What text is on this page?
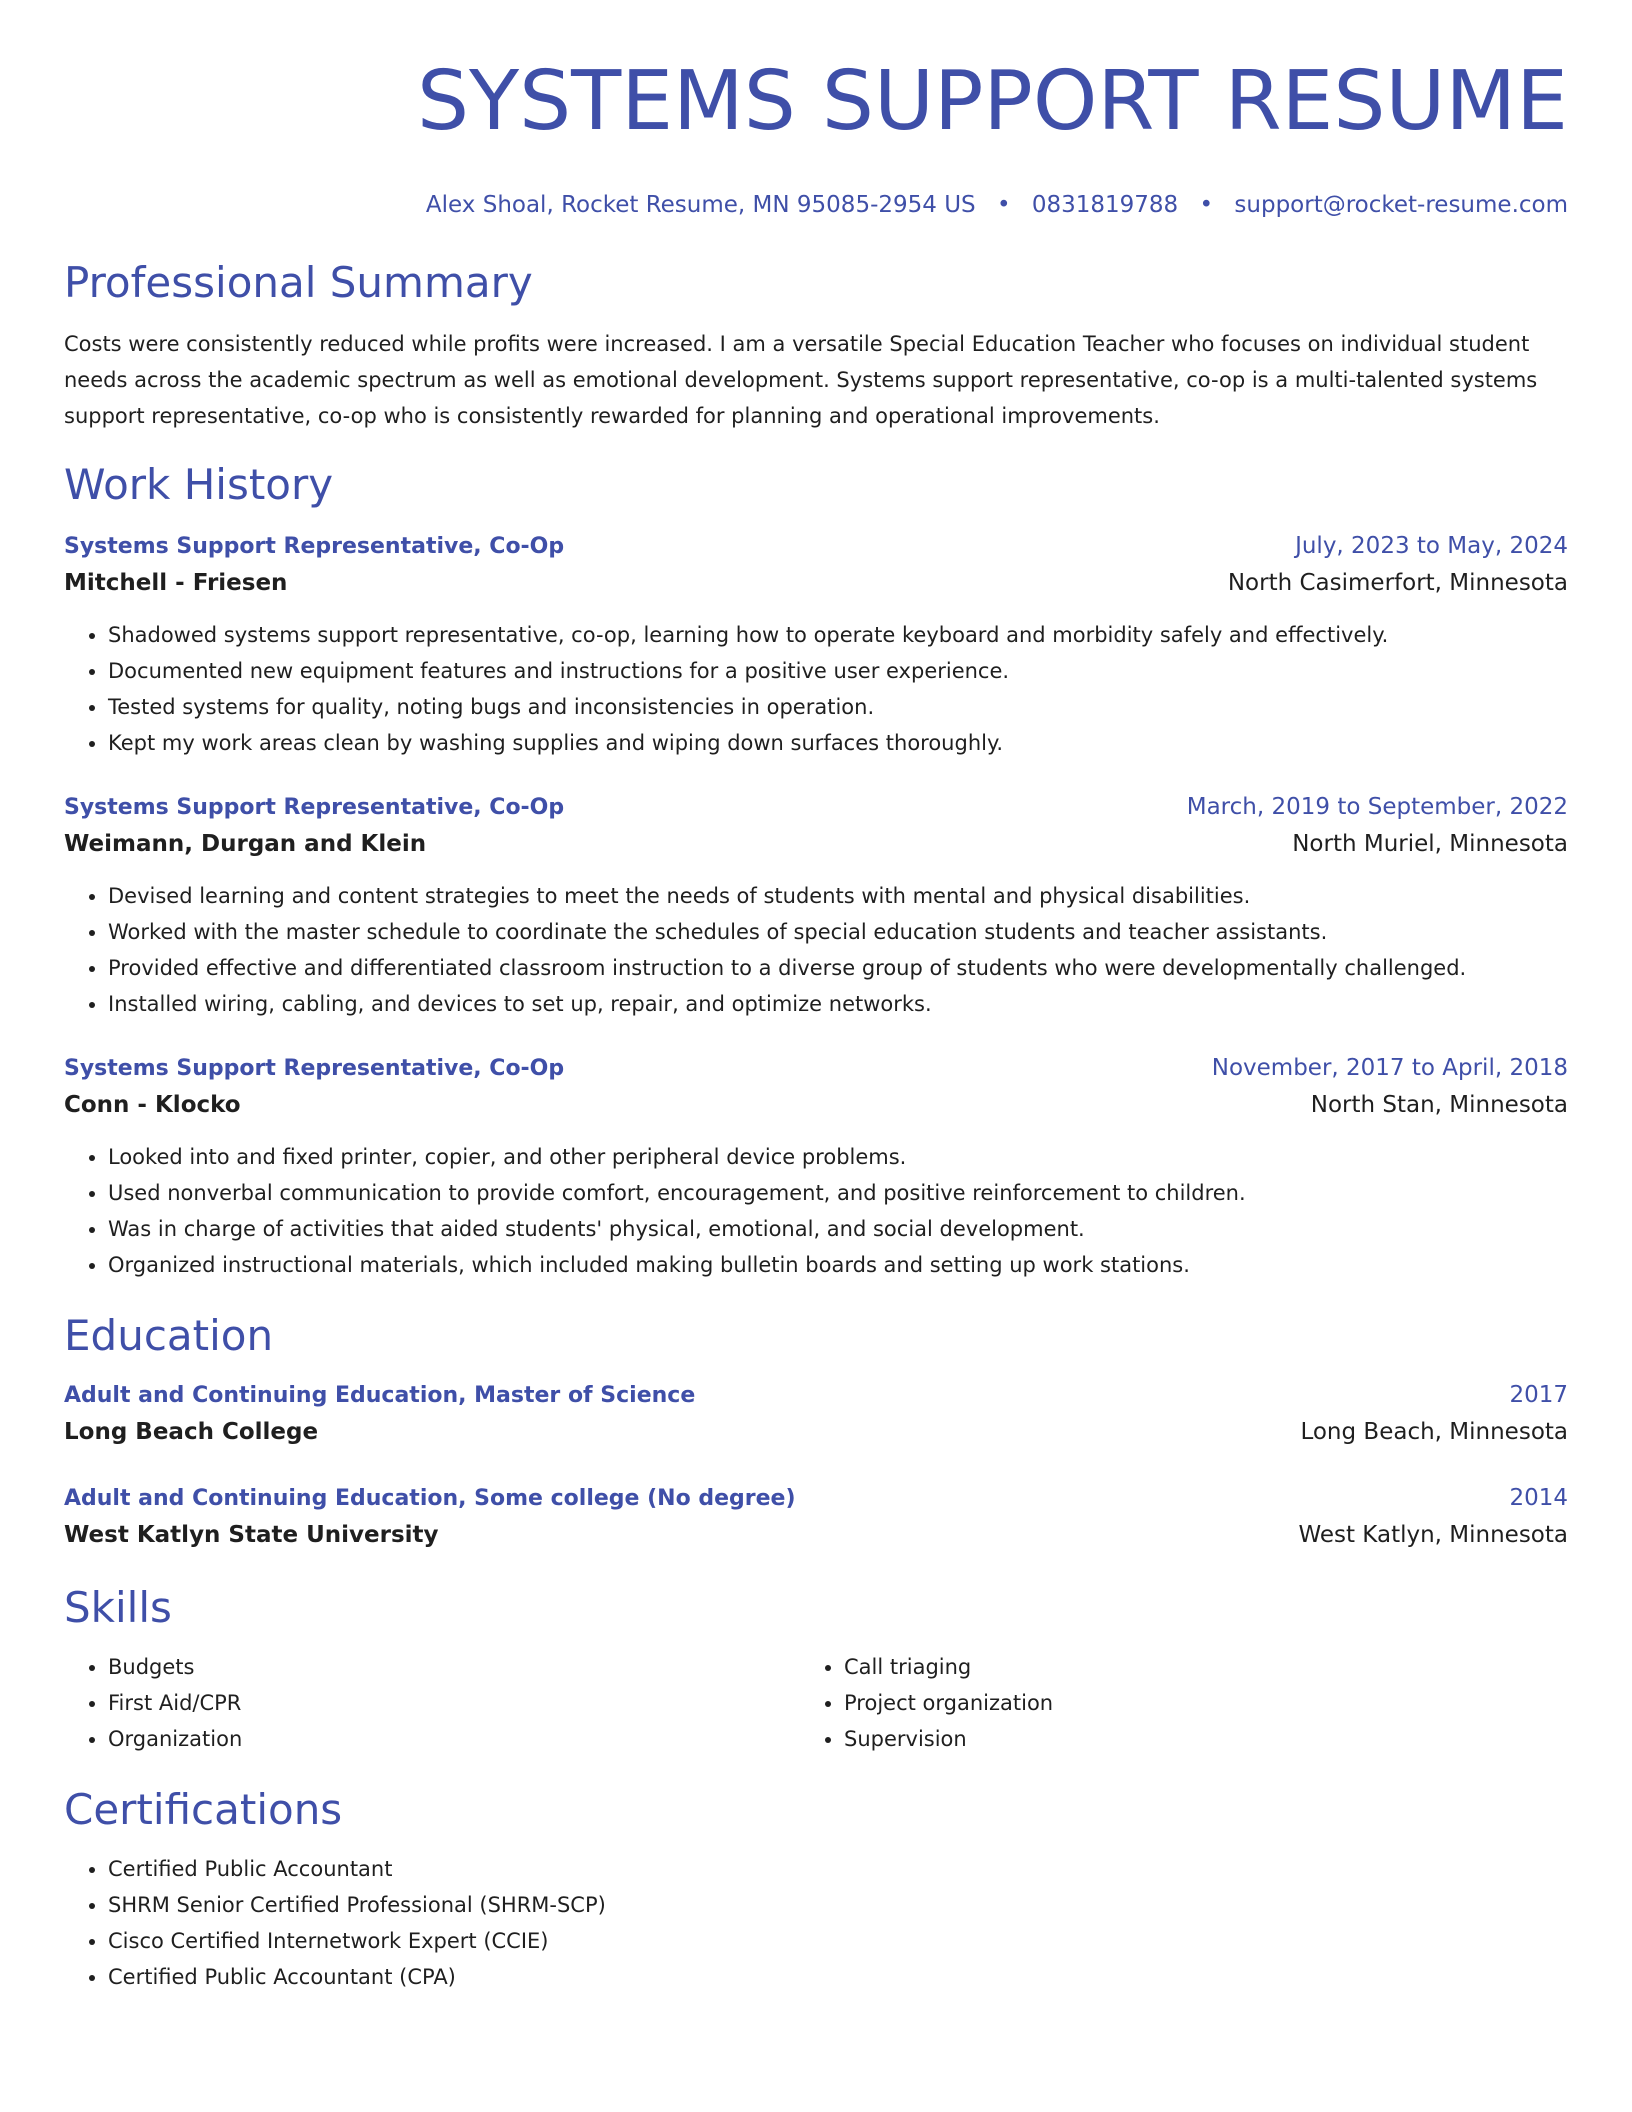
SYSTEMS SUPPORT RESUME
Alex Shoal, Rocket Resume, MN 95085-2954 US • 0831819788 • support@rocket-resume.com
Professional Summary
Costs were consistently reduced while profits were increased. I am a versatile Special Education Teacher who focuses on individual student needs across the academic spectrum as well as emotional development. Systems support representative, co-op is a multi-talented systems support representative, co-op who is consistently rewarded for planning and operational improvements.
Work History
Systems Support Representative, Co-Op	July, 2023 to May, 2024
Mitchell - Friesen	North Casimerfort, Minnesota
• Shadowed systems support representative, co-op, learning how to operate keyboard and morbidity safely and effectively.
• Documented new equipment features and instructions for a positive user experience.
• Tested systems for quality, noting bugs and inconsistencies in operation.
• Kept my work areas clean by washing supplies and wiping down surfaces thoroughly.
Systems Support Representative, Co-Op	March, 2019 to September, 2022
Weimann, Durgan and Klein	North Muriel, Minnesota
• Devised learning and content strategies to meet the needs of students with mental and physical disabilities.
• Worked with the master schedule to coordinate the schedules of special education students and teacher assistants.
• Provided effective and differentiated classroom instruction to a diverse group of students who were developmentally challenged.
• Installed wiring, cabling, and devices to set up, repair, and optimize networks.
Systems Support Representative, Co-Op	November, 2017 to April, 2018
Conn - Klocko	North Stan, Minnesota
• Looked into and fixed printer, copier, and other peripheral device problems.
• Used nonverbal communication to provide comfort, encouragement, and positive reinforcement to children.
• Was in charge of activities that aided students' physical, emotional, and social development.
• Organized instructional materials, which included making bulletin boards and setting up work stations.
Education
Adult and Continuing Education, Master of Science	2017
Long Beach College	Long Beach, Minnesota
Adult and Continuing Education, Some college (No degree)	2014
West Katlyn State University	West Katlyn, Minnesota
Skills
• Budgets
• First Aid/CPR
• Organization
• Call triaging
• Project organization
• Supervision
Certifications
• Certified Public Accountant
• SHRM Senior Certified Professional (SHRM-SCP)
• Cisco Certified Internetwork Expert (CCIE)
• Certified Public Accountant (CPA)
